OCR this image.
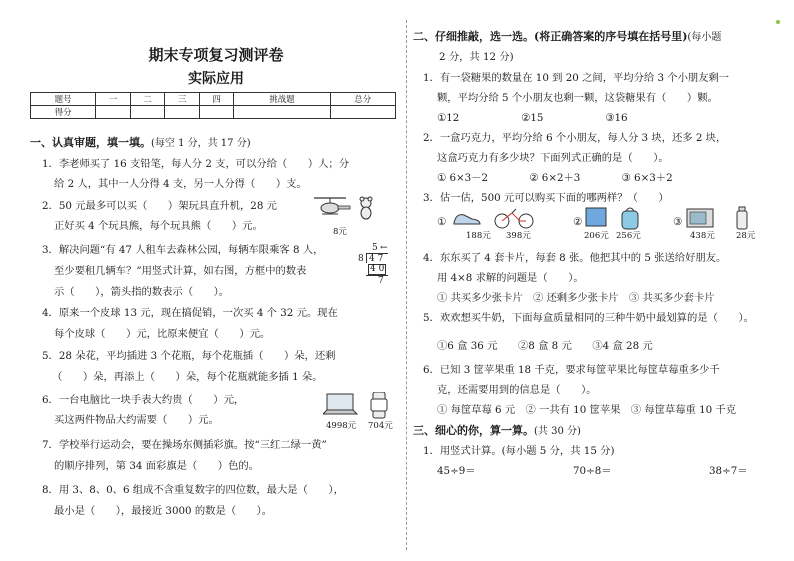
期末专项复习测评卷
实际应用
题号	一	二	三	四	挑战题	总分
得分						
一、认真审题，填一填。(每空 1 分，共 17 分)
1．李老师买了 16 支铅笔，每人分 2 支，可以分给（　　）人；分
给 2 人，其中一人分得 4 支，另一人分得（　　）支。
2．50 元最多可以买（　　）架玩具直升机，28 元
正好买 4 个玩具熊，每个玩具熊（　　）元。
3．解决问题“有 47 人租车去森林公园，每辆车限乘客 8 人，
至少要租几辆车？”用竖式计算，如右图，方框中的数表
示（　　），箭头指的数表示（　　）。
4．原来一个皮球 13 元，现在搞促销，一次买 4 个 32 元。现在
每个皮球（　　）元，比原来便宜（　　）元。
5．28 朵花，平均插进 3 个花瓶，每个花瓶插（　　）朵，还剩
（　　）朵，再添上（　　）朵，每个花瓶就能多插 1 朵。
6．一台电脑比一块手表大约贵（　　）元，
买这两件物品大约需要（　　）元。
7．学校举行运动会，要在操场东侧插彩旗。按“三红二绿一黄”
的顺序排列，第 34 面彩旗是（　　）色的。
8．用 3、8、0、6 组成不含重复数字的四位数，最大是（　　），
最小是（　　），最接近 3000 的数是（　　）。
8元
5 ←
8 4 7
4 0
7
4998元 704元
二、仔细推敲，选一选。(将正确答案的序号填在括号里)(每小题
2 分，共 12 分)
1．有一袋糖果的数量在 10 到 20 之间，平均分给 3 个小朋友剩一
颗，平均分给 5 个小朋友也剩一颗，这袋糖果有（　　）颗。
①12　　　　　　②15　　　　　　③16
2．一盒巧克力，平均分给 6 个小朋友，每人分 3 块，还多 2 块，
这盒巧克力有多少块？下面列式正确的是（　　）。
① 6×3－2　　　　② 6×2＋3　　　　③ 6×3＋2
3．估一估，500 元可以购买下面的哪两样？（　　）
①	②	③
4．东东买了 4 套卡片，每套 8 张。他把其中的 5 张送给好朋友。
用 4×8 求解的问题是（　　）。
① 共买多少张卡片　② 还剩多少张卡片　③ 共买多少套卡片
5．欢欢想买牛奶，下面每盒质量相同的三种牛奶中最划算的是（　　）。
①6 盒 36 元　　②8 盒 8 元　　③4 盒 28 元
6．已知 3 筐苹果重 18 千克，要求每筐苹果比每筐草莓重多少千
克，还需要用到的信息是（　　）。
① 每筐草莓 6 元　② 一共有 10 筐苹果　③ 每筐草莓重 10 千克
三、细心的你，算一算。(共 30 分)
1．用竖式计算。(每小题 5 分，共 15 分)
45÷9＝	70÷8＝	38÷7＝
188元 398元	206元 256元	438元	28元
